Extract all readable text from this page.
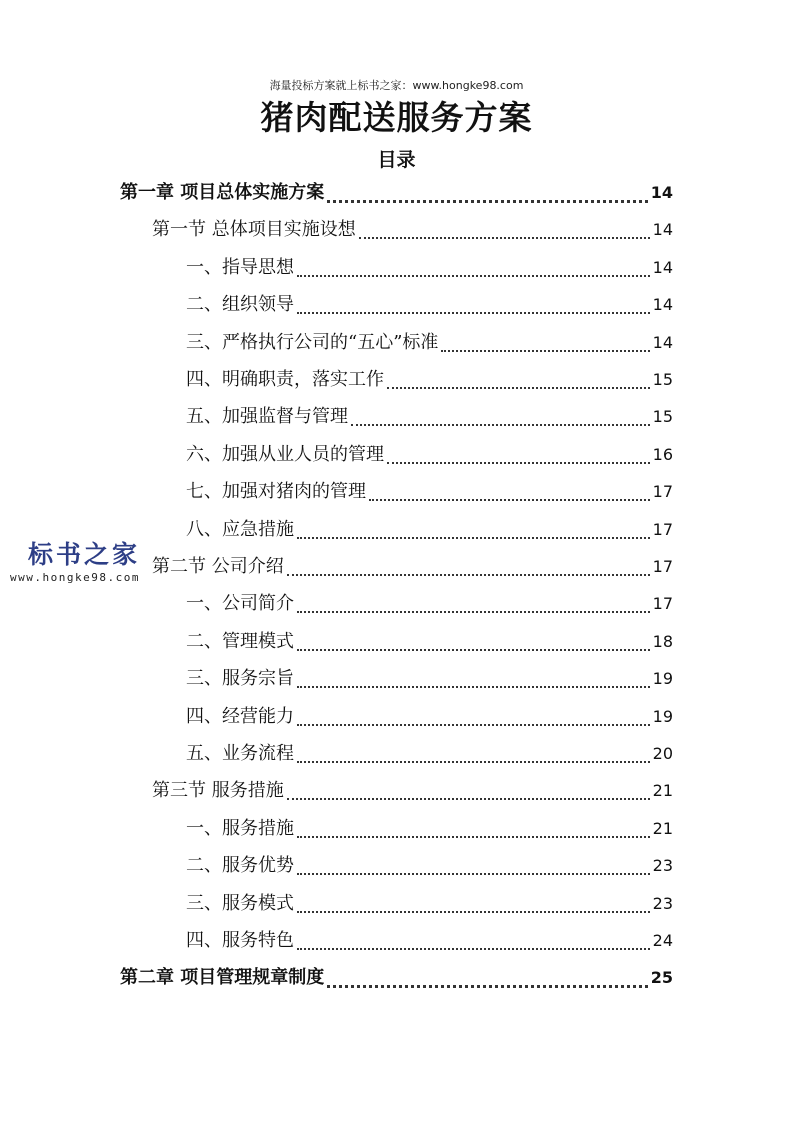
海量投标方案就上标书之家：www.hongke98.com
猪肉配送服务方案
目录
第一章 项目总体实施方案	14
第一节 总体项目实施设想	14
一、指导思想	14
二、组织领导	14
三、严格执行公司的“五心”标准	14
四、明确职责，落实工作	15
五、加强监督与管理	15
六、加强从业人员的管理	16
七、加强对猪肉的管理	17
八、应急措施	17
第二节 公司介绍	17
一、公司简介	17
二、管理模式	18
三、服务宗旨	19
四、经营能力	19
五、业务流程	20
第三节 服务措施	21
一、服务措施	21
二、服务优势	23
三、服务模式	23
四、服务特色	24
第二章 项目管理规章制度	25
标书之家
www.hongke98.com
